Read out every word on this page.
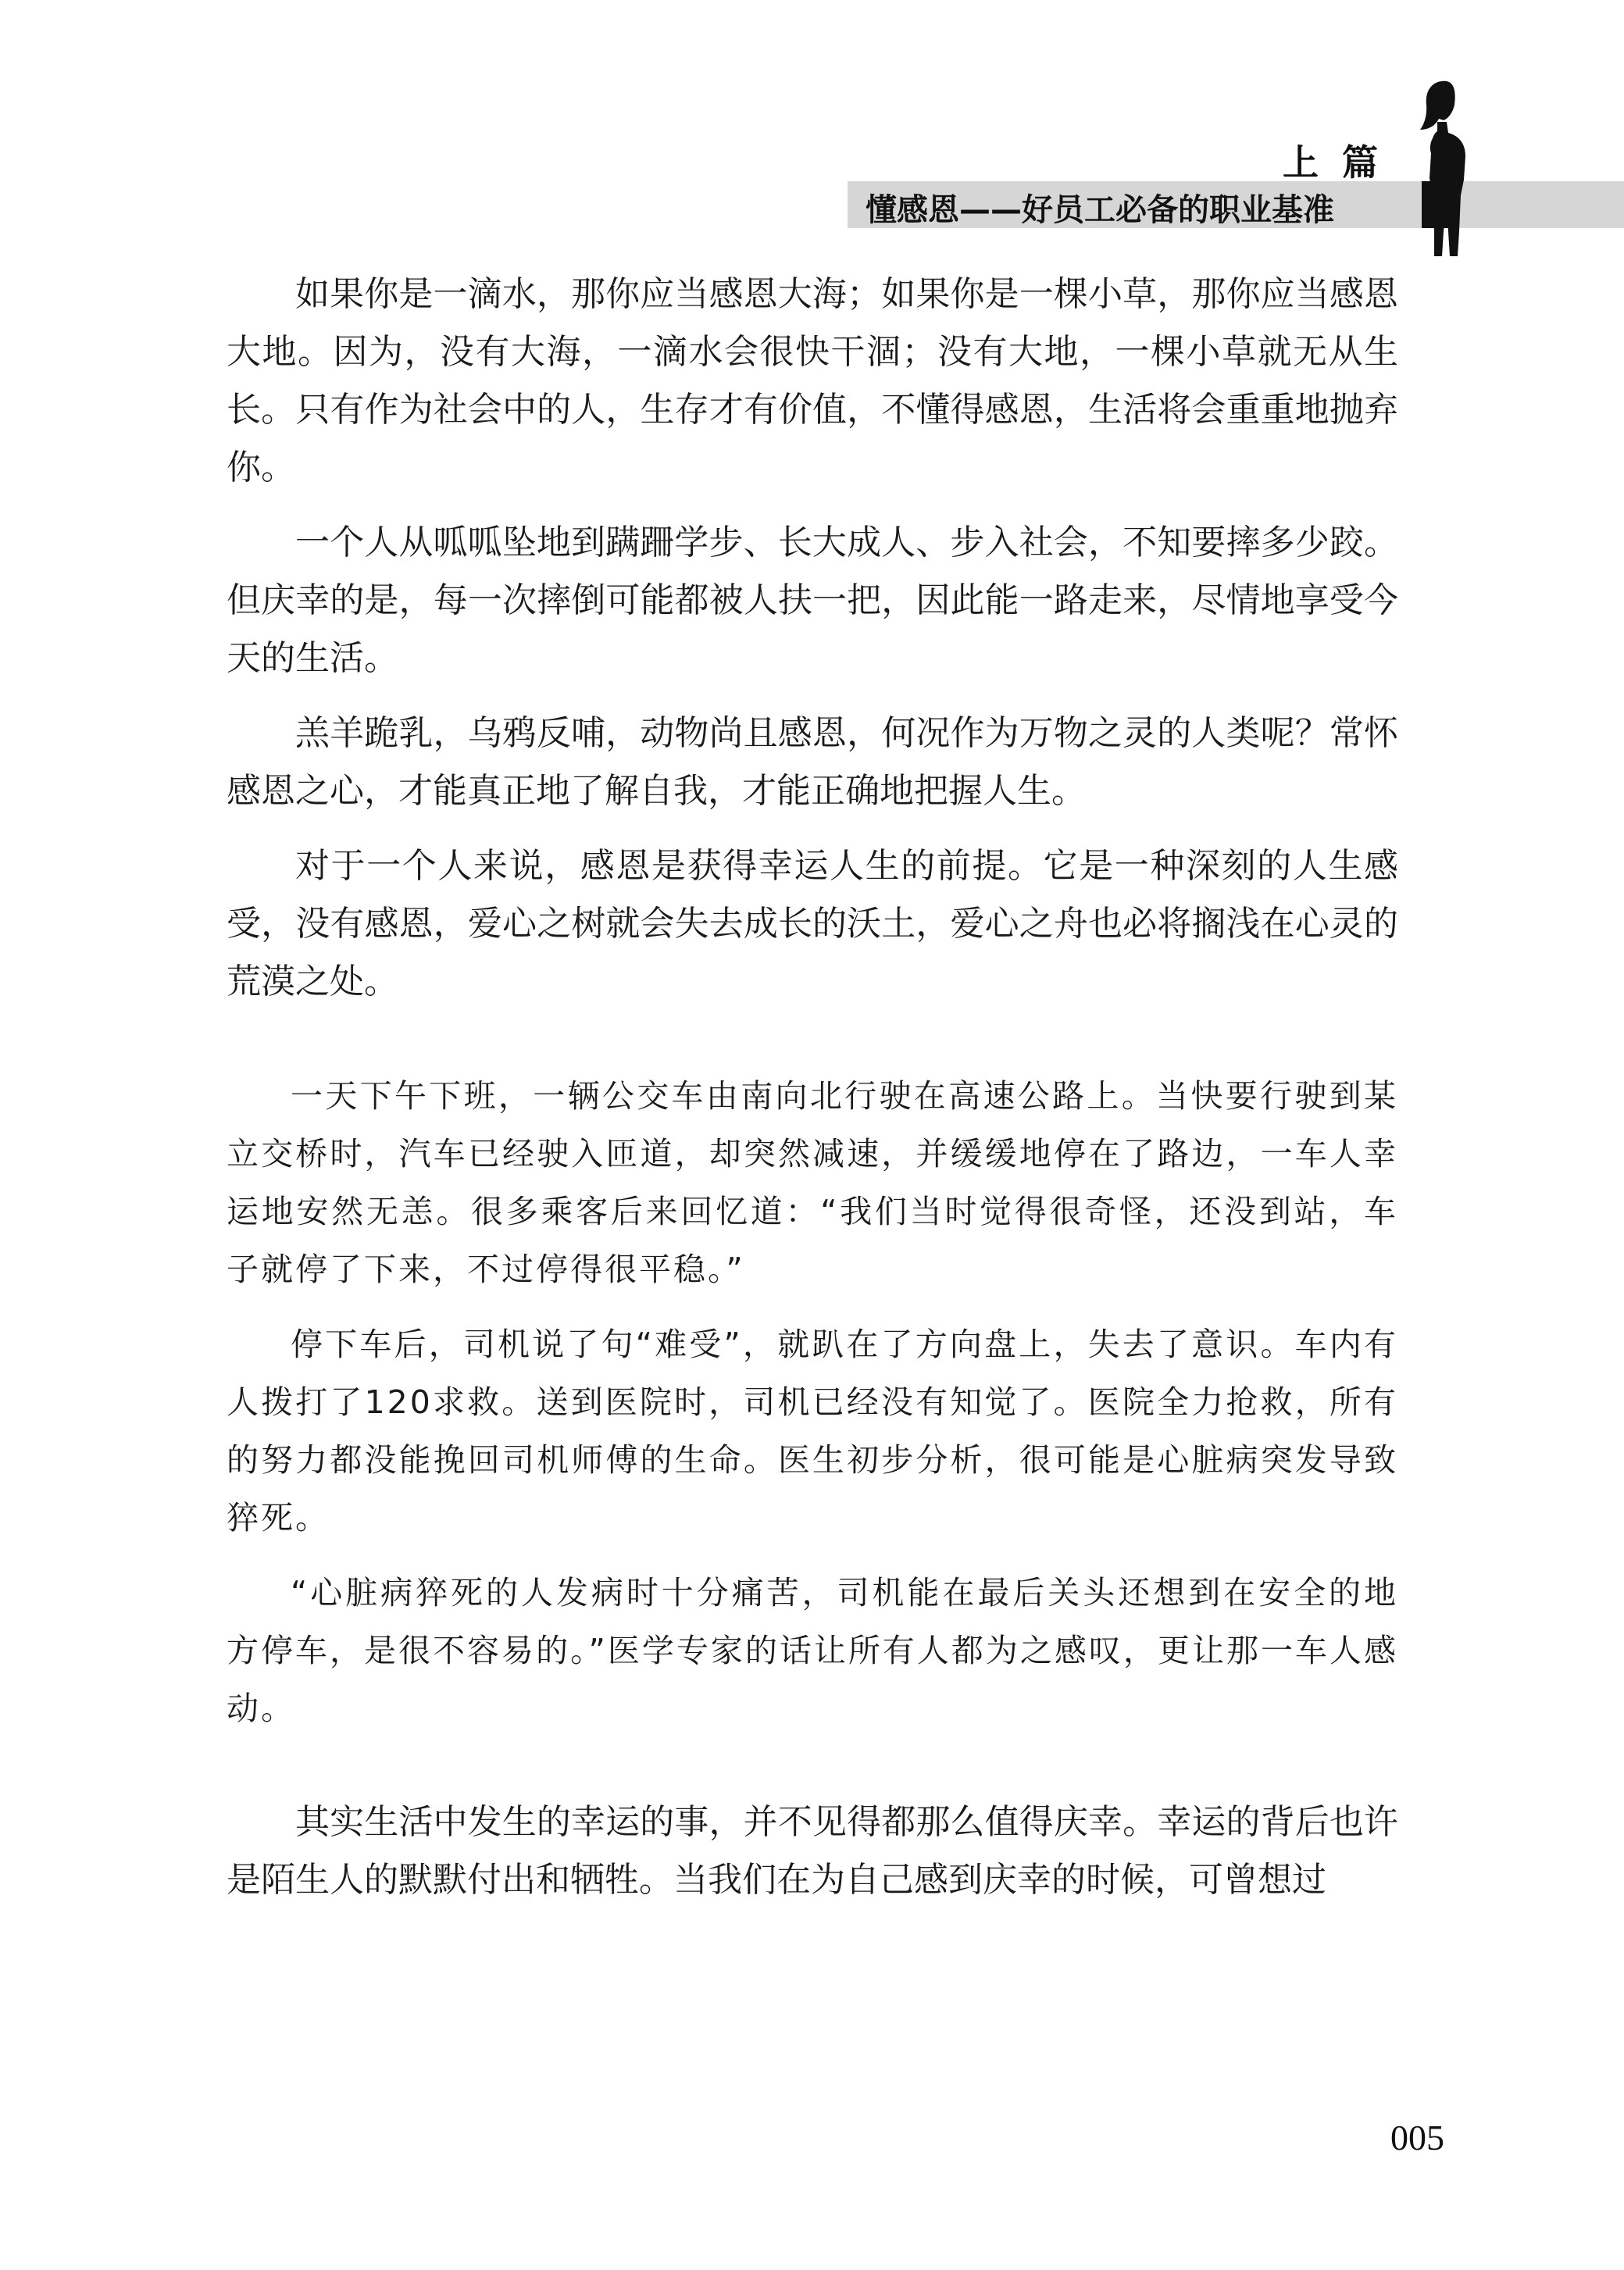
上篇

懂感恩——好员工必备的职业基准

如果你是一滴水，那你应当感恩大海；如果你是一棵小草，那你应当感恩大地。因为，没有大海，一滴水会很快干涸；没有大地，一棵小草就无从生长。只有作为社会中的人，生存才有价值，不懂得感恩，生活将会重重地抛弃你。

一个人从呱呱坠地到蹒跚学步、长大成人、步入社会，不知要摔多少跤。但庆幸的是，每一次摔倒可能都被人扶一把，因此能一路走来，尽情地享受今天的生活。

羔羊跪乳，乌鸦反哺，动物尚且感恩，何况作为万物之灵的人类呢？常怀感恩之心，才能真正地了解自我，才能正确地把握人生。

对于一个人来说，感恩是获得幸运人生的前提。它是一种深刻的人生感受，没有感恩，爱心之树就会失去成长的沃土，爱心之舟也必将搁浅在心灵的荒漠之处。

一天下午下班，一辆公交车由南向北行驶在高速公路上。当快要行驶到某立交桥时，汽车已经驶入匝道，却突然减速，并缓缓地停在了路边，一车人幸运地安然无恙。很多乘客后来回忆道：“我们当时觉得很奇怪，还没到站，车子就停了下来，不过停得很平稳。”

停下车后，司机说了句“难受”，就趴在了方向盘上，失去了意识。车内有人拨打了120求救。送到医院时，司机已经没有知觉了。医院全力抢救，所有的努力都没能挽回司机师傅的生命。医生初步分析，很可能是心脏病突发导致猝死。

“心脏病猝死的人发病时十分痛苦，司机能在最后关头还想到在安全的地方停车，是很不容易的。”医学专家的话让所有人都为之感叹，更让那一车人感动。

其实生活中发生的幸运的事，并不见得都那么值得庆幸。幸运的背后也许是陌生人的默默付出和牺牲。当我们在为自己感到庆幸的时候，可曾想过

005
